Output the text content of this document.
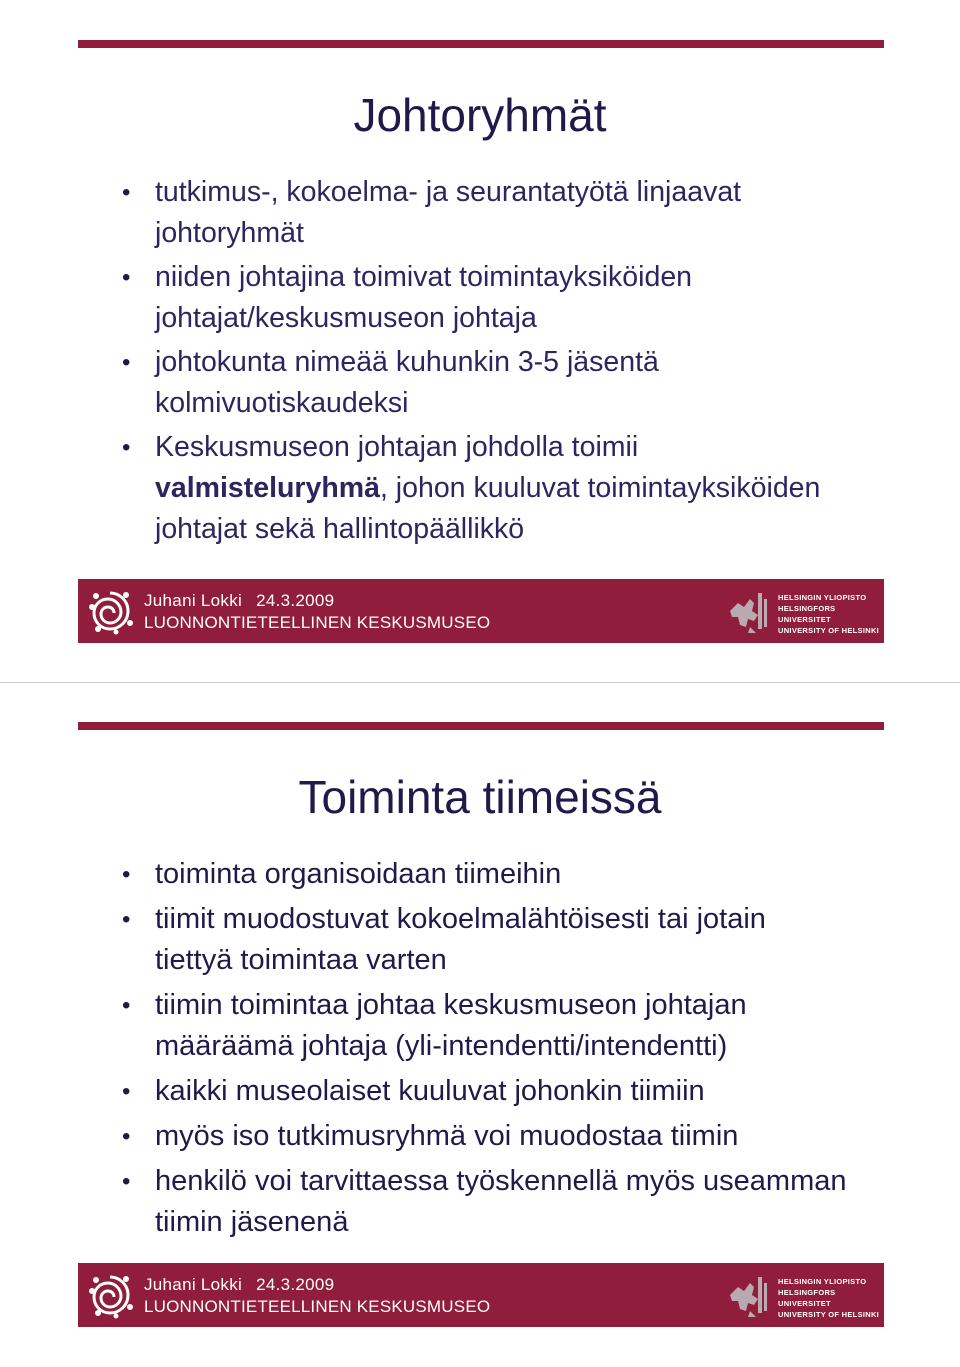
Johtoryhmät
• tutkimus-, kokoelma- ja seurantatyötä linjaavat johtoryhmät
• niiden johtajina toimivat toimintayksiköiden johtajat/keskusmuseon johtaja
• johtokunta nimeää kuhunkin 3-5 jäsentä kolmivuotiskaudeksi
• Keskusmuseon johtajan johdolla toimii valmisteluryhmä, johon kuuluvat toimintayksiköiden johtajat sekä hallintopäällikkö
Juhani Lokki 24.3.2009
LUONNONTIETEELLINEN KESKUSMUSEO
HELSINGIN YLIOPISTO
HELSINGFORS UNIVERSITET
UNIVERSITY OF HELSINKI
Toiminta tiimeissä
• toiminta organisoidaan tiimeihin
• tiimit muodostuvat kokoelmalähtöisesti tai jotain tiettyä toimintaa varten
• tiimin toimintaa johtaa keskusmuseon johtajan määräämä johtaja (yli-intendentti/intendentti)
• kaikki museolaiset kuuluvat johonkin tiimiin
• myös iso tutkimusryhmä voi muodostaa tiimin
• henkilö voi tarvittaessa työskennellä myös useamman tiimin jäsenenä
Juhani Lokki 24.3.2009
LUONNONTIETEELLINEN KESKUSMUSEO
HELSINGIN YLIOPISTO
HELSINGFORS UNIVERSITET
UNIVERSITY OF HELSINKI
